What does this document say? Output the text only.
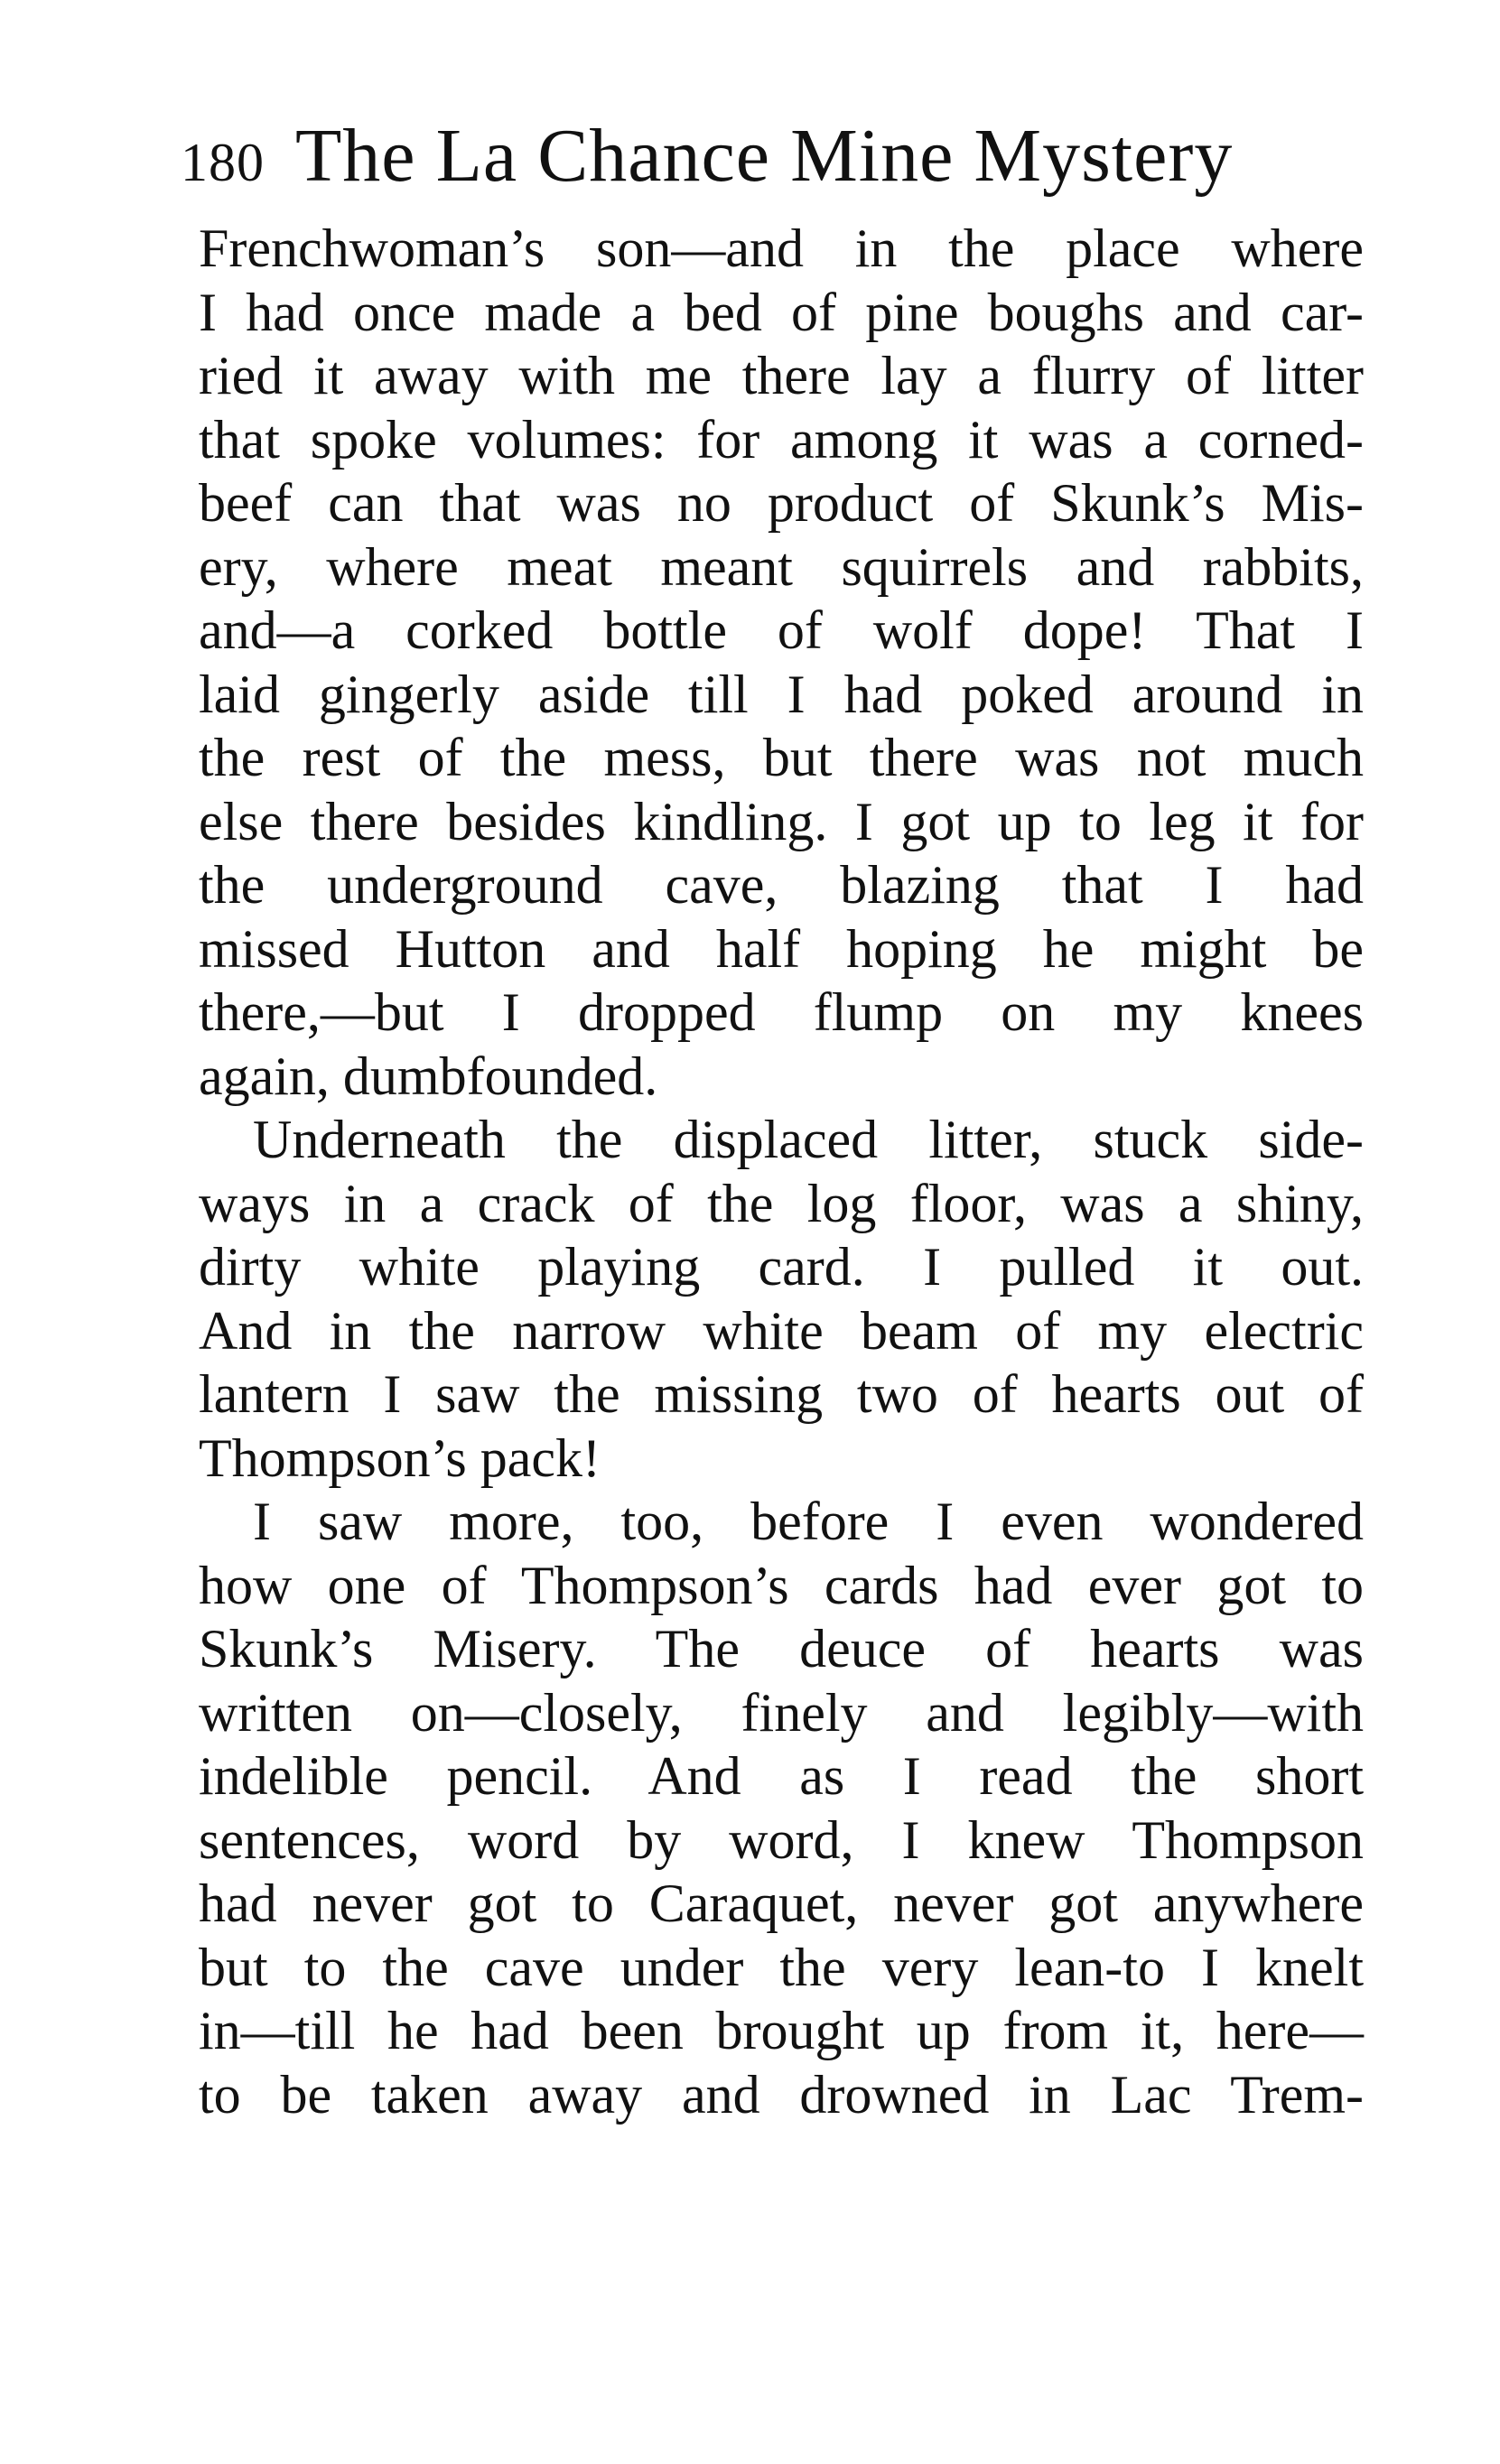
180 The La Chance Mine Mystery
Frenchwoman’s son—and in the place where
I had once made a bed of pine boughs and car-
ried it away with me there lay a flurry of litter
that spoke volumes: for among it was a corned-
beef can that was no product of Skunk’s Mis-
ery, where meat meant squirrels and rabbits,
and—a corked bottle of wolf dope! That I
laid gingerly aside till I had poked around in
the rest of the mess, but there was not much
else there besides kindling. I got up to leg it for
the underground cave, blazing that I had
missed Hutton and half hoping he might be
there,—but I dropped flump on my knees
again, dumbfounded.
Underneath the displaced litter, stuck side-
ways in a crack of the log floor, was a shiny,
dirty white playing card. I pulled it out.
And in the narrow white beam of my electric
lantern I saw the missing two of hearts out of
Thompson’s pack!
I saw more, too, before I even wondered
how one of Thompson’s cards had ever got to
Skunk’s Misery. The deuce of hearts was
written on—closely, finely and legibly—with
indelible pencil. And as I read the short
sentences, word by word, I knew Thompson
had never got to Caraquet, never got anywhere
but to the cave under the very lean-to I knelt
in—till he had been brought up from it, here—
to be taken away and drowned in Lac Trem-
